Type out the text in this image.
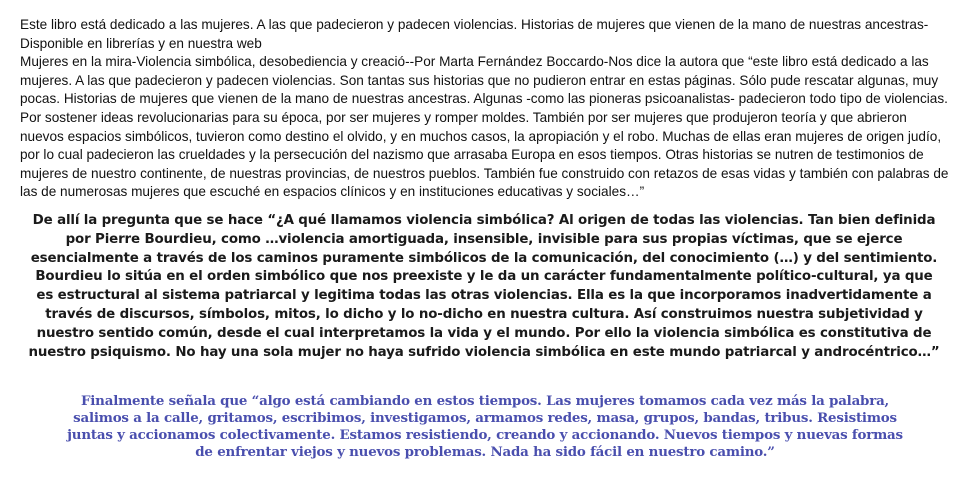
Este libro está dedicado a las mujeres. A las que padecieron y padecen violencias. Historias de mujeres que vienen de la mano de nuestras ancestras-Disponible en librerías y en nuestra web

Mujeres en la mira-Violencia simbólica, desobediencia y creació--Por Marta Fernández Boccardo-Nos dice la autora que “este libro está dedicado a las mujeres. A las que padecieron y padecen violencias. Son tantas sus historias que no pudieron entrar en estas páginas. Sólo pude rescatar algunas, muy pocas. Historias de mujeres que vienen de la mano de nuestras ancestras. Algunas -como las pioneras psicoanalistas- padecieron todo tipo de violencias. Por sostener ideas revolucionarias para su época, por ser mujeres y romper moldes. También por ser mujeres que produjeron teoría y que abrieron nuevos espacios simbólicos, tuvieron como destino el olvido, y en muchos casos, la apropiación y el robo. Muchas de ellas eran mujeres de origen judío, por lo cual padecieron las crueldades y la persecución del nazismo que arrasaba Europa en esos tiempos. Otras historias se nutren de testimonios de mujeres de nuestro continente, de nuestras provincias, de nuestros pueblos. También fue construido con retazos de esas vidas y también con palabras de las de numerosas mujeres que escuché en espacios clínicos y en instituciones educativas y sociales…”

De allí la pregunta que se hace “¿A qué llamamos violencia simbólica? Al origen de todas las violencias. Tan bien definida por Pierre Bourdieu, como …violencia amortiguada, insensible, invisible para sus propias víctimas, que se ejerce esencialmente a través de los caminos puramente simbólicos de la comunicación, del conocimiento (…) y del sentimiento. Bourdieu lo sitúa en el orden simbólico que nos preexiste y le da un carácter fundamentalmente político-cultural, ya que es estructural al sistema patriarcal y legitima todas las otras violencias. Ella es la que incorporamos inadvertidamente a través de discursos, símbolos, mitos, lo dicho y lo no-dicho en nuestra cultura. Así construimos nuestra subjetividad y nuestro sentido común, desde el cual interpretamos la vida y el mundo. Por ello la violencia simbólica es constitutiva de nuestro psiquismo. No hay una sola mujer no haya sufrido violencia simbólica en este mundo patriarcal y androcéntrico…”

Finalmente señala que “algo está cambiando en estos tiempos. Las mujeres tomamos cada vez más la palabra, salimos a la calle, gritamos, escribimos, investigamos, armamos redes, masa, grupos, bandas, tribus. Resistimos juntas y accionamos colectivamente. Estamos resistiendo, creando y accionando. Nuevos tiempos y nuevas formas de enfrentar viejos y nuevos problemas. Nada ha sido fácil en nuestro camino.”
